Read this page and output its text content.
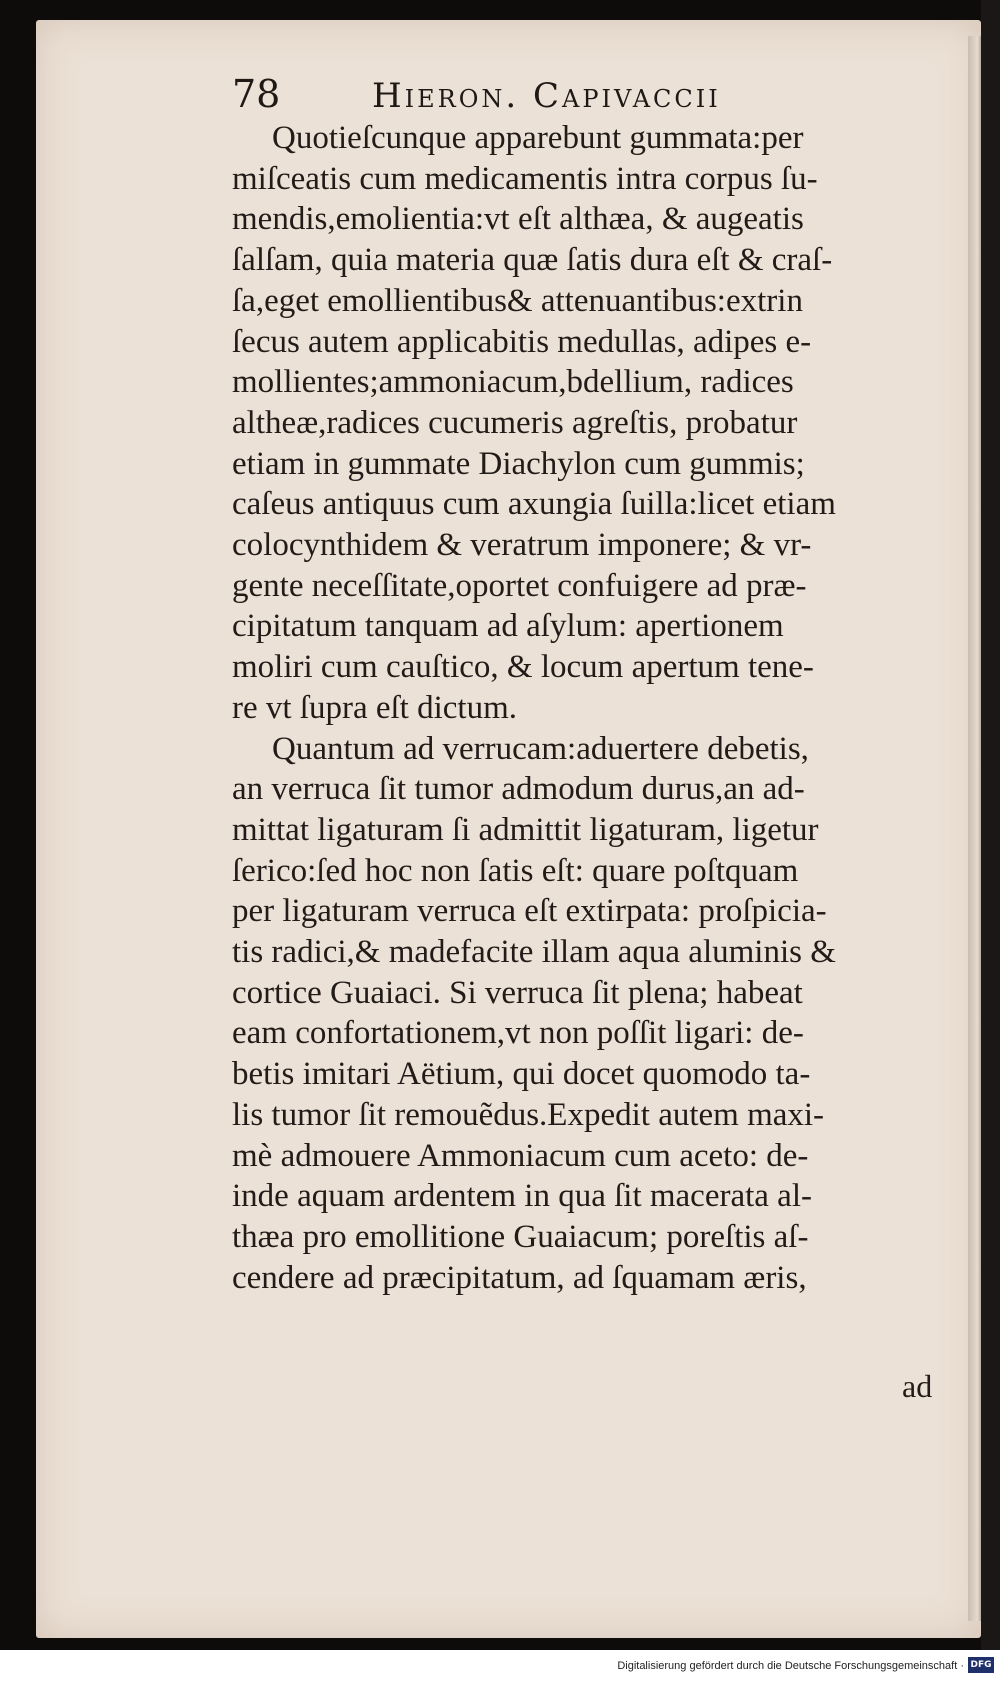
78	Hieron. Capivaccii
Quotieſcunque apparebunt gummata:per
miſceatis cum medicamentis intra corpus ſu-
mendis,emolientia:vt eſt althæa, & augeatis
ſalſam, quia materia quæ ſatis dura eſt & craſ-
ſa,eget emollientibus& attenuantibus:extrin
ſecus autem applicabitis medullas, adipes e-
mollientes;ammoniacum,bdellium, radices
altheæ,radices cucumeris agreſtis, probatur
etiam in gummate Diachylon cum gummis;
caſeus antiquus cum axungia ſuilla:licet etiam
colocynthidem & veratrum imponere; & vr-
gente neceſſitate,oportet confuigere ad præ-
cipitatum tanquam ad aſylum: apertionem
moliri cum cauſtico, & locum apertum tene-
re vt ſupra eſt dictum.
Quantum ad verrucam:aduertere debetis,
an verruca ſit tumor admodum durus,an ad-
mittat ligaturam ſi admittit ligaturam, ligetur
ſerico:ſed hoc non ſatis eſt: quare poſtquam
per ligaturam verruca eſt extirpata: proſpicia-
tis radici,& madefacite illam aqua aluminis &
cortice Guaiaci. Si verruca ſit plena; habeat
eam confortationem,vt non poſſit ligari: de-
betis imitari Aëtium, qui docet quomodo ta-
lis tumor ſit remouẽdus.Expedit autem maxi-
mè admouere Ammoniacum cum aceto: de-
inde aquam ardentem in qua ſit macerata al-
thæa pro emollitione Guaiacum; poreſtis aſ-
cendere ad præcipitatum, ad ſquamam æris,
ad
Digitalisierung gefördert durch die Deutsche Forschungsgemeinschaft · DFG
